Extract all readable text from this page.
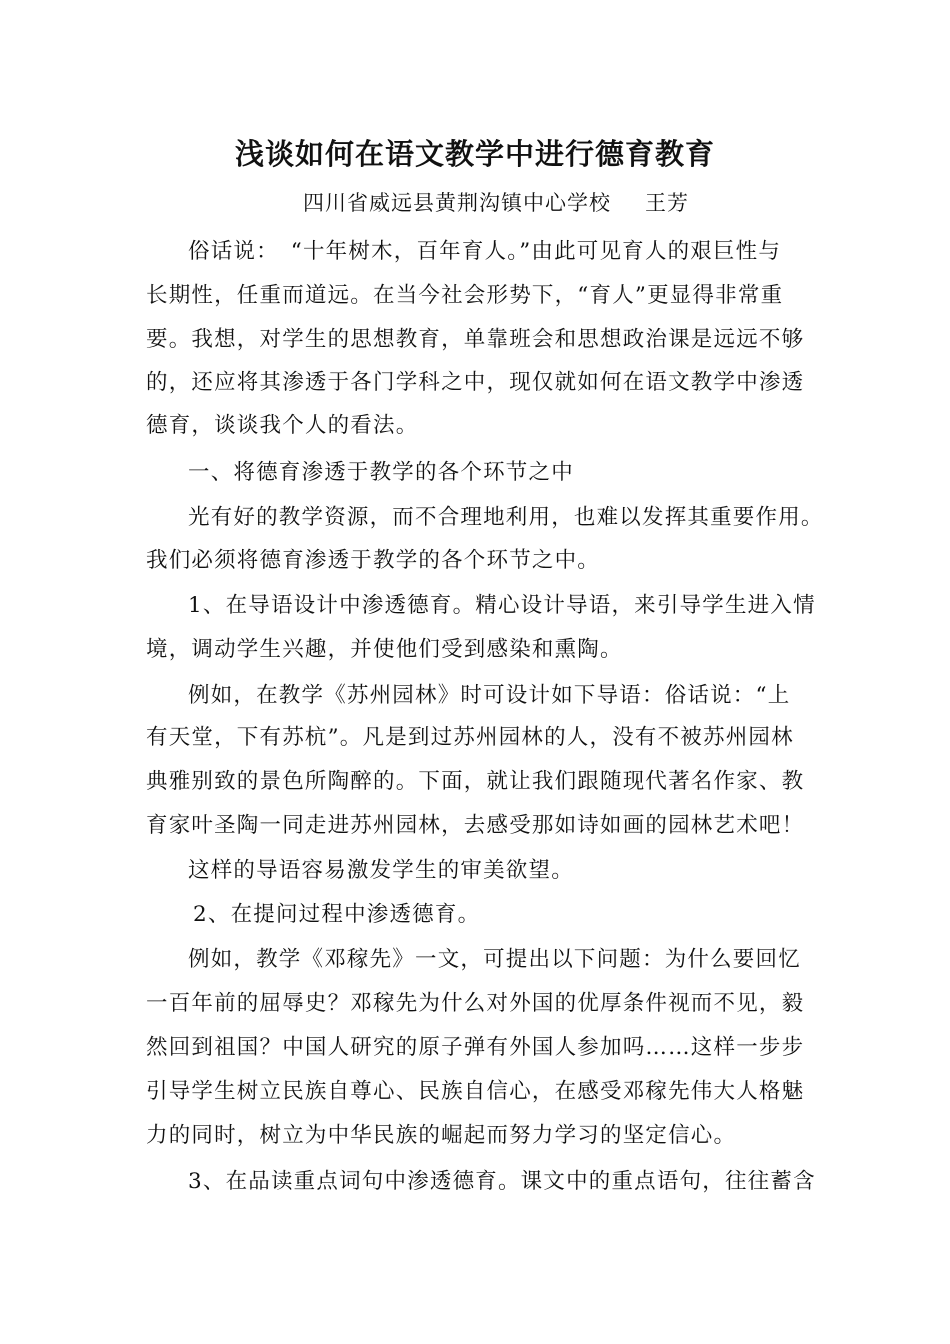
浅谈如何在语文教学中进行德育教育
四川省威远县黄荆沟镇中心学校 王芳
俗话说：　“十年树木，百年育人。”由此可见育人的艰巨性与
长期性，任重而道远。在当今社会形势下，“育人”更显得非常重
要。我想，对学生的思想教育，单靠班会和思想政治课是远远不够
的，还应将其渗透于各门学科之中，现仅就如何在语文教学中渗透
德育，谈谈我个人的看法。
一、将德育渗透于教学的各个环节之中
光有好的教学资源，而不合理地利用，也难以发挥其重要作用。
我们必须将德育渗透于教学的各个环节之中。
1、在导语设计中渗透德育。精心设计导语，来引导学生进入情
境，调动学生兴趣，并使他们受到感染和熏陶。
例如，在教学《苏州园林》时可设计如下导语：俗话说：“上
有天堂，下有苏杭”。凡是到过苏州园林的人，没有不被苏州园林
典雅别致的景色所陶醉的。下面，就让我们跟随现代著名作家、教
育家叶圣陶一同走进苏州园林，去感受那如诗如画的园林艺术吧！
这样的导语容易激发学生的审美欲望。
2、在提问过程中渗透德育。
例如，教学《邓稼先》一文，可提出以下问题：为什么要回忆
一百年前的屈辱史？邓稼先为什么对外国的优厚条件视而不见，毅
然回到祖国？中国人研究的原子弹有外国人参加吗……这样一步步
引导学生树立民族自尊心、民族自信心，在感受邓稼先伟大人格魅
力的同时，树立为中华民族的崛起而努力学习的坚定信心。
3、在品读重点词句中渗透德育。课文中的重点语句，往往蓄含
